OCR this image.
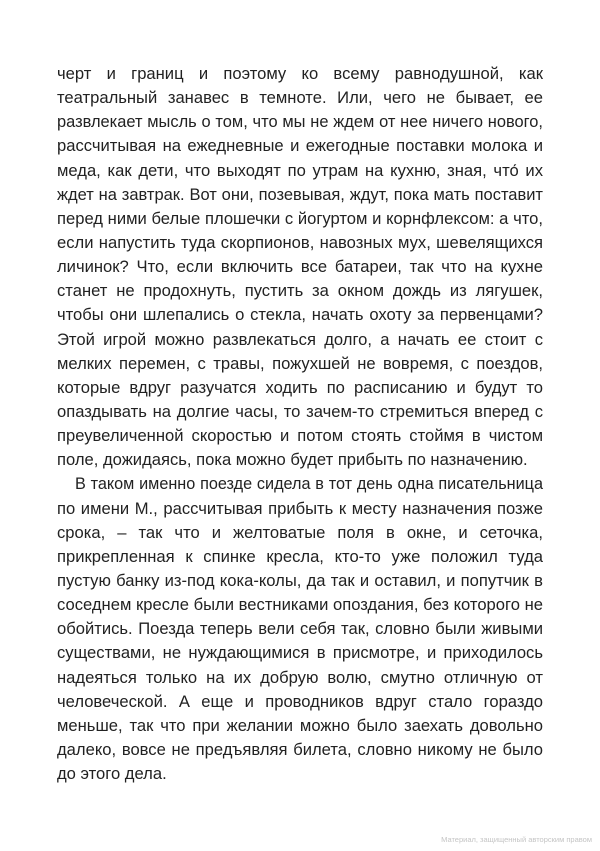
черт и границ и поэтому ко всему равнодушной, как
театральный занавес в темноте. Или, чего не бывает, ее
развлекает мысль о том, что мы не ждем от нее ничего нового,
рассчитывая на ежедневные и ежегодные поставки молока и
меда, как дети, что выходят по утрам на кухню, зная, что́ их
ждет на завтрак. Вот они, позевывая, ждут, пока мать поставит
перед ними белые плошечки с йогуртом и корнфлексом: а что,
если напустить туда скорпионов, навозных мух, шевелящихся
личинок? Что, если включить все батареи, так что на кухне
станет не продохнуть, пустить за окном дождь из лягушек,
чтобы они шлепались о стекла, начать охоту за первенцами?
Этой игрой можно развлекаться долго, а начать ее стоит с
мелких перемен, с травы, пожухшей не вовремя, с поездов,
которые вдруг разучатся ходить по расписанию и будут то
опаздывать на долгие часы, то зачем-то стремиться вперед с
преувеличенной скоростью и потом стоять стоймя в чистом
поле, дожидаясь, пока можно будет прибыть по назначению.
В таком именно поезде сидела в тот день одна писательница
по имени М., рассчитывая прибыть к месту назначения позже
срока, – так что и желтоватые поля в окне, и сеточка,
прикрепленная к спинке кресла, кто-то уже положил туда
пустую банку из-под кока-колы, да так и оставил, и попутчик в
соседнем кресле были вестниками опоздания, без которого не
обойтись. Поезда теперь вели себя так, словно были живыми
существами, не нуждающимися в присмотре, и приходилось
надеяться только на их добрую волю, смутно отличную от
человеческой. А еще и проводников вдруг стало гораздо
меньше, так что при желании можно было заехать довольно
далеко, вовсе не предъявляя билета, словно никому не было
до этого дела.
Материал, защищенный авторским правом
